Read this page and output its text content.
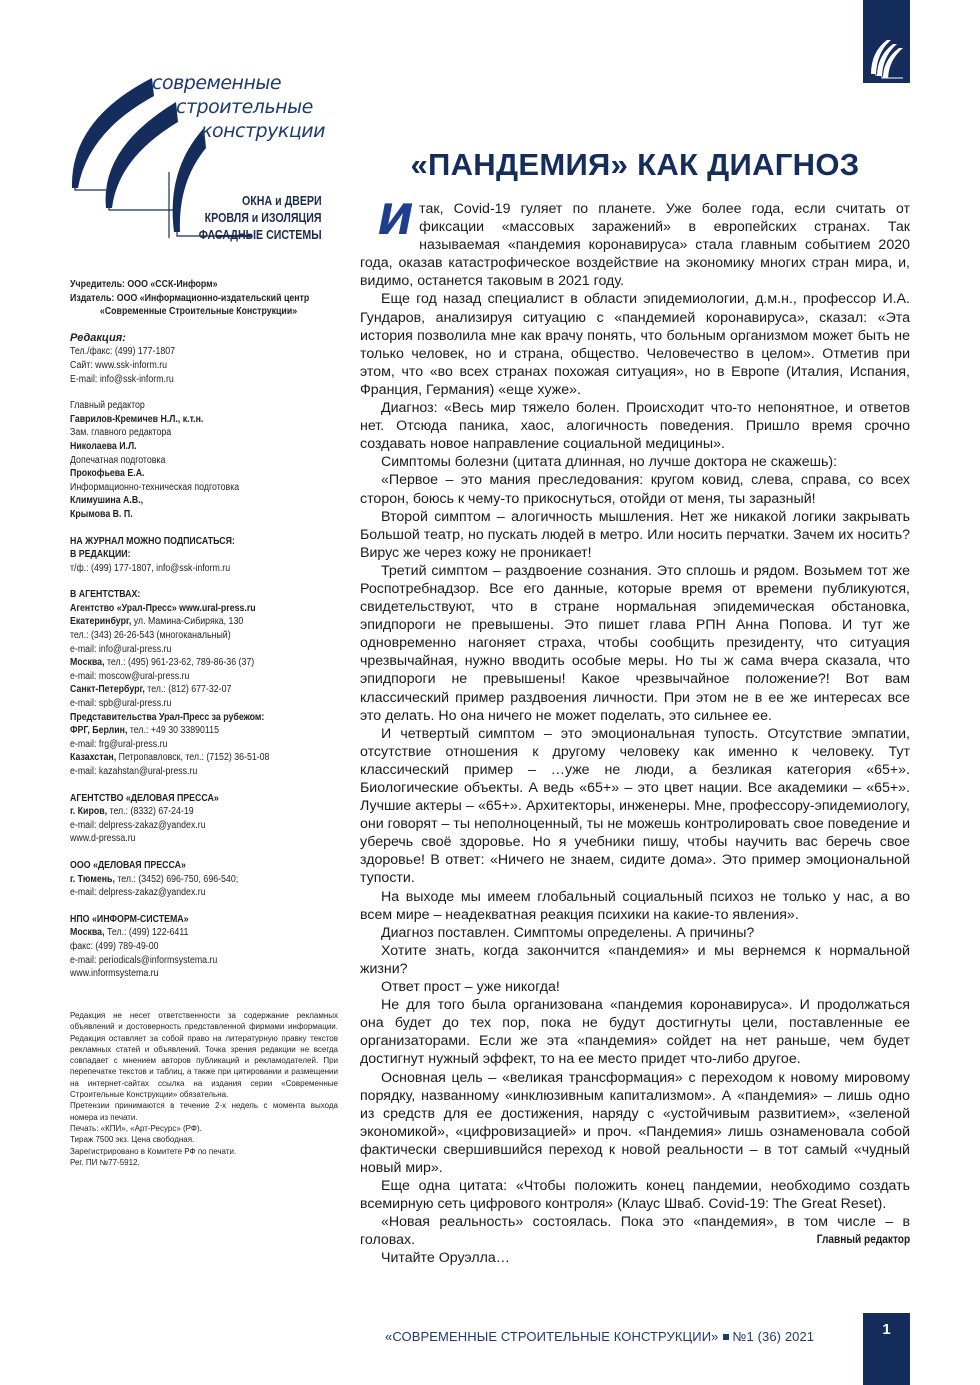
современные
строительные
конструкции
ОКНА и ДВЕРИ
КРОВЛЯ и ИЗОЛЯЦИЯ
ФАСАДНЫЕ СИСТЕМЫ
Учредитель: ООО «ССК-Информ»
Издатель: ООО «Информационно-издательский центр
«Современные Строительные Конструкции»
Редакция:
Тел./факс: (499) 177-1807
Сайт: www.ssk-inform.ru
E-mail: info@ssk-inform.ru
Главный редактор
Гаврилов-Кремичев Н.Л., к.т.н.
Зам. главного редактора
Николаева И.Л.
Допечатная подготовка
Прокофьева Е.А.
Информационно-техническая подготовка
Климушина А.В.,
Крымова В. П.
НА ЖУРНАЛ МОЖНО ПОДПИСАТЬСЯ:
В РЕДАКЦИИ:
т/ф.: (499) 177-1807, info@ssk-inform.ru
В АГЕНТСТВАХ:
Агентство «Урал-Пресс» www.ural-press.ru
Екатеринбург, ул. Мамина-Сибиряка, 130
тел.: (343) 26-26-543 (многоканальный)
e-mail: info@ural-press.ru
Москва, тел.: (495) 961-23-62, 789-86-36 (37)
e-mail: moscow@ural-press.ru
Санкт-Петербург, тел.: (812) 677-32-07
e-mail: spb@ural-press.ru
Представительства Урал-Пресс за рубежом:
ФРГ, Берлин, тел.: +49 30 33890115
e-mail: frg@ural-press.ru
Казахстан, Петропавловск, тел.: (7152) 36-51-08
e-mail: kazahstan@ural-press.ru
АГЕНТСТВО «ДЕЛОВАЯ ПРЕССА»
г. Киров, тел.: (8332) 67-24-19
e-mail: delpress-zakaz@yandex.ru
www.d-pressa.ru
ООО «ДЕЛОВАЯ ПРЕССА»
г. Тюмень, тел.: (3452) 696-750, 696-540;
e-mail: delpress-zakaz@yandex.ru
НПО «ИНФОРМ-СИСТЕМА»
Москва, Тел.: (499) 122-6411
факс: (499) 789-49-00
e-mail: periodicals@informsystema.ru
www.informsystema.ru
Редакция не несет ответственности за содержание рекламных объявлений и достоверность представленной фирмами информации. Редакция оставляет за собой право на литературную правку текстов рекламных статей и объявлений. Точка зрения редакции не всегда совпадает с мнением авторов публикаций и рекламодателей. При перепечатке текстов и таблиц, а также при цитировании и размещении на интернет-сайтах ссылка на издания серии «Современные Строительные Конструкции» обязательна.
Претензии принимаются в течение 2-х недель с момента выхода номера из печати.
Печать: «КПИ», «Арт-Ресурс» (РФ).
Тираж 7500 экз. Цена свободная.
Зарегистрировано в Комитете РФ по печати.
Рег. ПИ №77-5912.
«ПАНДЕМИЯ» КАК ДИАГНОЗ

Итак, Covid-19 гуляет по планете. Уже более года, если считать от фиксации «массовых заражений» в европейских странах. Так называемая «пандемия коронавируса» стала главным событием 2020 года, оказав катастрофическое воздействие на экономику многих стран мира, и, видимо, останется таковым в 2021 году.

Еще год назад специалист в области эпидемиологии, д.м.н., профессор И.А. Гундаров, анализируя ситуацию с «пандемией коронавируса», сказал: «Эта история позволила мне как врачу понять, что больным организмом может быть не только человек, но и страна, общество. Человечество в целом». Отметив при этом, что «во всех странах похожая ситуация», но в Европе (Италия, Испания, Франция, Германия) «еще хуже».

Диагноз: «Весь мир тяжело болен. Происходит что-то непонятное, и ответов нет. Отсюда паника, хаос, алогичность поведения. Пришло время срочно создавать новое направление социальной медицины».

Симптомы болезни (цитата длинная, но лучше доктора не скажешь):

«Первое – это мания преследования: кругом ковид, слева, справа, со всех сторон, боюсь к чему-то прикоснуться, отойди от меня, ты заразный!

Второй симптом – алогичность мышления. Нет же никакой логики закрывать Большой театр, но пускать людей в метро. Или носить перчатки. Зачем их носить? Вирус же через кожу не проникает!

Третий симптом – раздвоение сознания. Это сплошь и рядом. Возьмем тот же Роспотребнадзор. Все его данные, которые время от времени публикуются, свидетельствуют, что в стране нормальная эпидемическая обстановка, эпидпороги не превышены. Это пишет глава РПН Анна Попова. И тут же одновременно нагоняет страха, чтобы сообщить президенту, что ситуация чрезвычайная, нужно вводить особые меры. Но ты ж сама вчера сказала, что эпидпороги не превышены! Какое чрезвычайное положение?! Вот вам классический пример раздвоения личности. При этом не в ее же интересах все это делать. Но она ничего не может поделать, это сильнее ее.

И четвертый симптом – это эмоциональная тупость. Отсутствие эмпатии, отсутствие отношения к другому человеку как именно к человеку. Тут классический пример – …уже не люди, а безликая категория «65+». Биологические объекты. А ведь «65+» – это цвет нации. Все академики – «65+». Лучшие актеры – «65+». Архитекторы, инженеры. Мне, профессору-эпидемиологу, они говорят – ты неполноценный, ты не можешь контролировать свое поведение и уберечь своё здоровье. Но я учебники пишу, чтобы научить вас беречь свое здоровье! В ответ: «Ничего не знаем, сидите дома». Это пример эмоциональной тупости.

На выходе мы имеем глобальный социальный психоз не только у нас, а во всем мире – неадекватная реакция психики на какие-то явления».

Диагноз поставлен. Симптомы определены. А причины?

Хотите знать, когда закончится «пандемия» и мы вернемся к нормальной жизни?

Ответ прост – уже никогда!

Не для того была организована «пандемия коронавируса». И продолжаться она будет до тех пор, пока не будут достигнуты цели, поставленные ее организаторами. Если же эта «пандемия» сойдет на нет раньше, чем будет достигнут нужный эффект, то на ее место придет что-либо другое.

Основная цель – «великая трансформация» с переходом к новому мировому порядку, названному «инклюзивным капитализмом». А «пандемия» – лишь одно из средств для ее достижения, наряду с «устойчивым развитием», «зеленой экономикой», «цифровизацией» и проч. «Пандемия» лишь ознаменовала собой фактически свершившийся переход к новой реальности – в тот самый «чудный новый мир».

Еще одна цитата: «Чтобы положить конец пандемии, необходимо создать всемирную сеть цифрового контроля» (Клаус Шваб. Covid-19: The Great Reset).

«Новая реальность» состоялась. Пока это «пандемия», в том числе – в головах.

Читайте Оруэлла…

Главный редактор
«СОВРЕМЕННЫЕ СТРОИТЕЛЬНЫЕ КОНСТРУКЦИИ» №1 (36) 2021	1
